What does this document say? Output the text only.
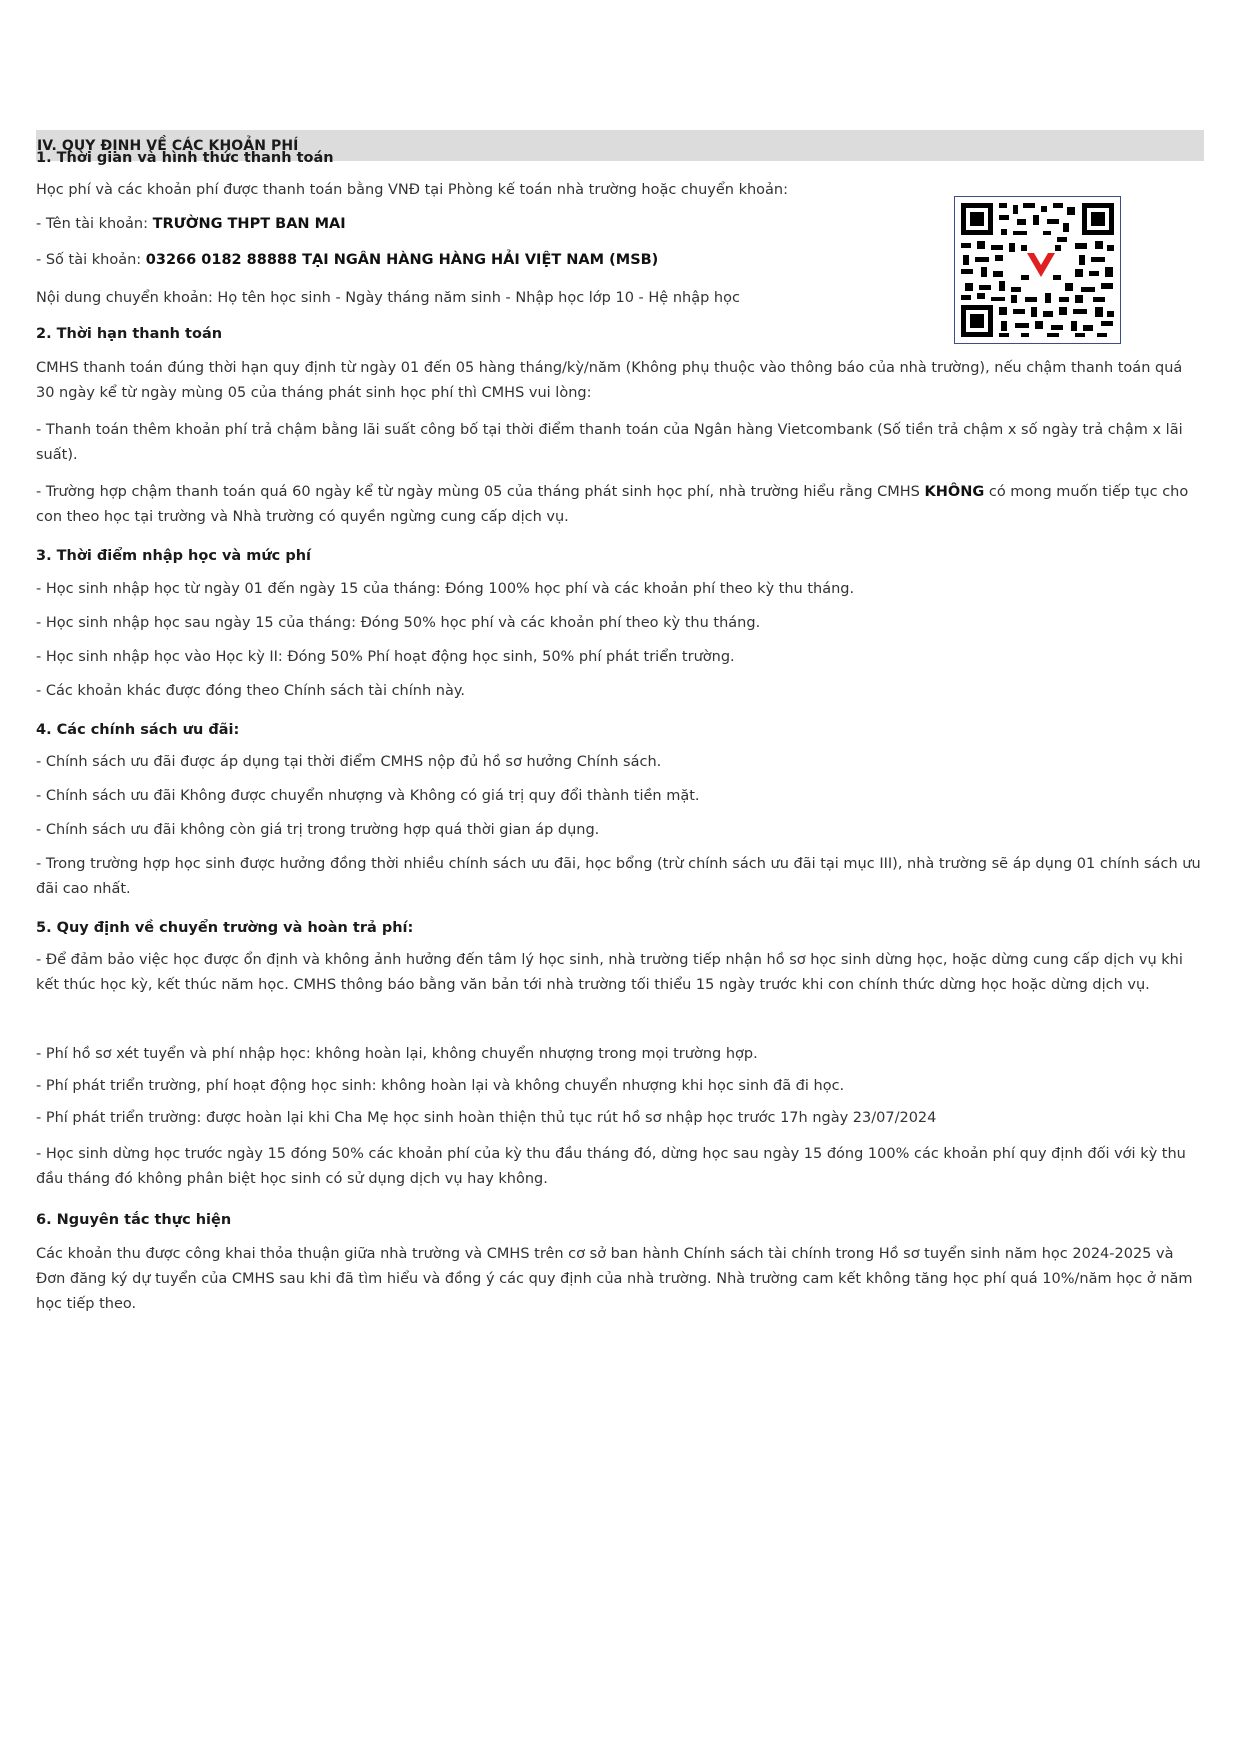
IV. QUY ĐỊNH VỀ CÁC KHOẢN PHÍ
1. Thời gian và hình thức thanh toán

Học phí và các khoản phí được thanh toán bằng VNĐ tại Phòng kế toán nhà trường hoặc chuyển khoản:

- Tên tài khoản: TRƯỜNG THPT BAN MAI

- Số tài khoản: 03266 0182 88888 TẠI NGÂN HÀNG HÀNG HẢI VIỆT NAM (MSB)

Nội dung chuyển khoản: Họ tên học sinh - Ngày tháng năm sinh - Nhập học lớp 10 - Hệ nhập học

2. Thời hạn thanh toán

CMHS thanh toán đúng thời hạn quy định từ ngày 01 đến 05 hàng tháng/kỳ/năm (Không phụ thuộc vào thông báo của nhà trường), nếu chậm thanh toán quá 30 ngày kể từ ngày mùng 05 của tháng phát sinh học phí thì CMHS vui lòng:

- Thanh toán thêm khoản phí trả chậm bằng lãi suất công bố tại thời điểm thanh toán của Ngân hàng Vietcombank (Số tiền trả chậm x số ngày trả chậm x lãi suất).

- Trường hợp chậm thanh toán quá 60 ngày kể từ ngày mùng 05 của tháng phát sinh học phí, nhà trường hiểu rằng CMHS KHÔNG có mong muốn tiếp tục cho con theo học tại trường và Nhà trường có quyền ngừng cung cấp dịch vụ.

3. Thời điểm nhập học và mức phí

- Học sinh nhập học từ ngày 01 đến ngày 15 của tháng: Đóng 100% học phí và các khoản phí theo kỳ thu tháng.

- Học sinh nhập học sau ngày 15 của tháng: Đóng 50% học phí và các khoản phí theo kỳ thu tháng.

- Học sinh nhập học vào Học kỳ II: Đóng 50% Phí hoạt động học sinh, 50% phí phát triển trường.

- Các khoản khác được đóng theo Chính sách tài chính này.

4. Các chính sách ưu đãi:

- Chính sách ưu đãi được áp dụng tại thời điểm CMHS nộp đủ hồ sơ hưởng Chính sách.

- Chính sách ưu đãi Không được chuyển nhượng và Không có giá trị quy đổi thành tiền mặt.

- Chính sách ưu đãi không còn giá trị trong trường hợp quá thời gian áp dụng.

- Trong trường hợp học sinh được hưởng đồng thời nhiều chính sách ưu đãi, học bổng (trừ chính sách ưu đãi tại mục III), nhà trường sẽ áp dụng 01 chính sách ưu đãi cao nhất.

5. Quy định về chuyển trường và hoàn trả phí:

- Để đảm bảo việc học được ổn định và không ảnh hưởng đến tâm lý học sinh, nhà trường tiếp nhận hồ sơ học sinh dừng học, hoặc dừng cung cấp dịch vụ khi kết thúc học kỳ, kết thúc năm học. CMHS thông báo bằng văn bản tới nhà trường tối thiểu 15 ngày trước khi con chính thức dừng học hoặc dừng dịch vụ.

- Phí hồ sơ xét tuyển và phí nhập học: không hoàn lại, không chuyển nhượng trong mọi trường hợp.

- Phí phát triển trường, phí hoạt động học sinh: không hoàn lại và không chuyển nhượng khi học sinh đã đi học.

- Phí phát triển trường: được hoàn lại khi Cha Mẹ học sinh hoàn thiện thủ tục rút hồ sơ nhập học trước 17h ngày 23/07/2024

- Học sinh dừng học trước ngày 15 đóng 50% các khoản phí của kỳ thu đầu tháng đó, dừng học sau ngày 15 đóng 100% các khoản phí quy định đối với kỳ thu đầu tháng đó không phân biệt học sinh có sử dụng dịch vụ hay không.

6. Nguyên tắc thực hiện

Các khoản thu được công khai thỏa thuận giữa nhà trường và CMHS trên cơ sở ban hành Chính sách tài chính trong Hồ sơ tuyển sinh năm học 2024-2025 và Đơn đăng ký dự tuyển của CMHS sau khi đã tìm hiểu và đồng ý các quy định của nhà trường. Nhà trường cam kết không tăng học phí quá 10%/năm học ở năm học tiếp theo.
